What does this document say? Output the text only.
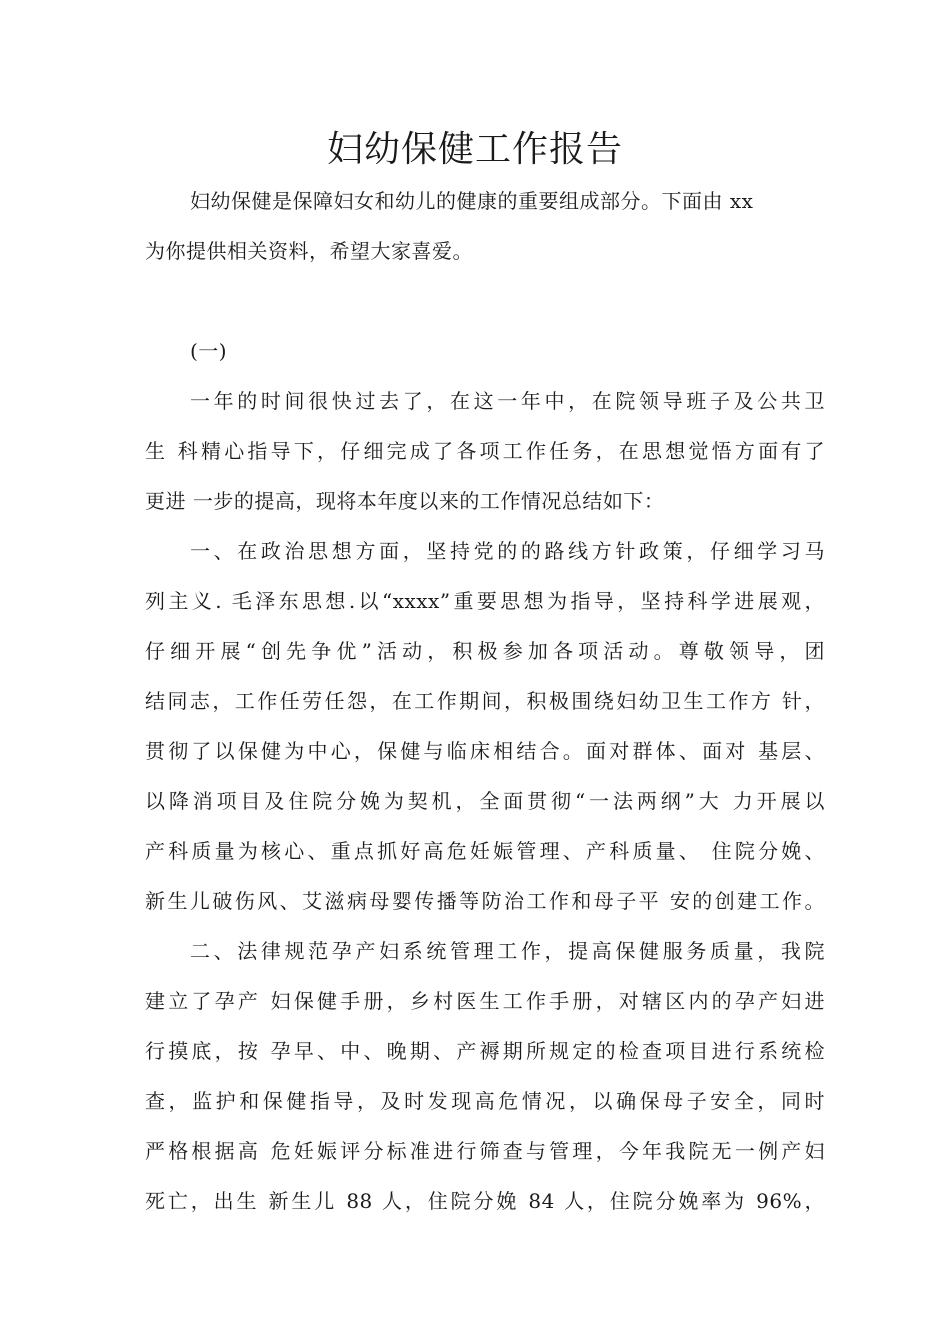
妇幼保健工作报告
妇幼保健是保障妇女和幼儿的健康的重要组成部分。下面由 xx
为你提供相关资料，希望大家喜爱。
(一)
一年的时间很快过去了，在这一年中，在院领导班子及公共卫
生 科精心指导下，仔细完成了各项工作任务，在思想觉悟方面有了
更进 一步的提高，现将本年度以来的工作情况总结如下：
一、在政治思想方面，坚持党的的路线方针政策，仔细学习马
列主义. 毛泽东思想.以“xxxx”重要思想为指导，坚持科学进展观，
仔细开展“创先争优”活动，积极参加各项活动。尊敬领导，团
结同志，工作任劳任怨，在工作期间，积极围绕妇幼卫生工作方 针，
贯彻了以保健为中心，保健与临床相结合。面对群体、面对 基层、
以降消项目及住院分娩为契机，全面贯彻“一法两纲”大 力开展以
产科质量为核心、重点抓好高危妊娠管理、产科质量、 住院分娩、
新生儿破伤风、艾滋病母婴传播等防治工作和母子平 安的创建工作。
二、法律规范孕产妇系统管理工作，提高保健服务质量，我院
建立了孕产 妇保健手册，乡村医生工作手册，对辖区内的孕产妇进
行摸底，按 孕早、中、晚期、产褥期所规定的检查项目进行系统检
查，监护和保健指导，及时发现高危情况，以确保母子安全，同时
严格根据高 危妊娠评分标准进行筛查与管理，今年我院无一例产妇
死亡，出生 新生儿 88 人，住院分娩 84 人，住院分娩率为 96%，
